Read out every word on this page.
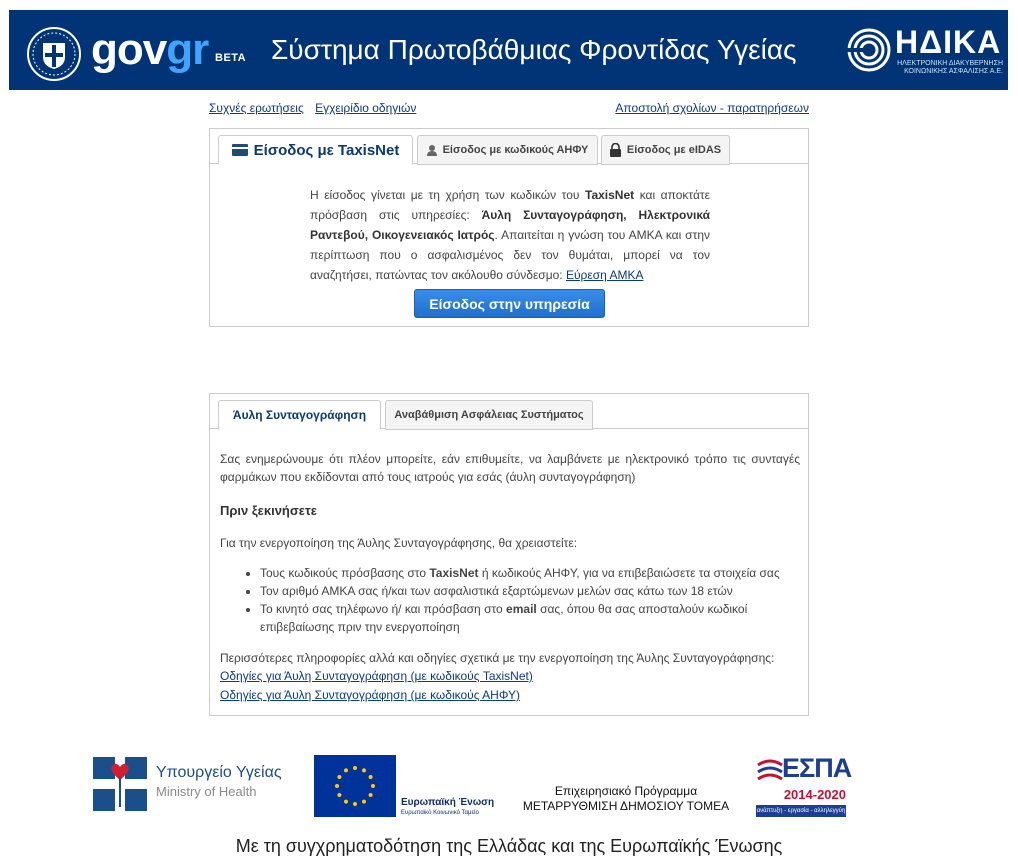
govgr BETA Σύστημα Πρωτοβάθμιας Φροντίδας Υγείας	ΗΔΙΚΑ
ΗΛΕΚΤΡΟΝΙΚΗ ΔΙΑΚΥΒΕΡΝΗΣΗ ΚΟΙΝΩΝΙΚΗΣ ΑΣΦΑΛΙΣΗΣ Α.Ε.
Συχνές ερωτήσεις Εγχειρίδιο οδηγιών	Αποστολή σχολίων - παρατηρήσεων
Είσοδος με TaxisNet	Είσοδος με κωδικούς ΑΗΦΥ	Είσοδος με eIDAS
Η είσοδος γίνεται με τη χρήση των κωδικών του TaxisNet και αποκτάτε πρόσβαση στις υπηρεσίες: Άυλη Συνταγογράφηση, Ηλεκτρονικά Ραντεβού, Οικογενειακός Ιατρός. Απαιτείται η γνώση του ΑΜΚΑ και στην περίπτωση που ο ασφαλισμένος δεν τον θυμάται, μπορεί να τον αναζητήσει, πατώντας τον ακόλουθο σύνδεσμο: Εύρεση ΑΜΚΑ
Είσοδος στην υπηρεσία
Άυλη Συνταγογράφηση	Αναβάθμιση Ασφάλειας Συστήματος

Σας ενημερώνουμε ότι πλέον μπορείτε, εάν επιθυμείτε, να λαμβάνετε με ηλεκτρονικό τρόπο τις συνταγές φαρμάκων που εκδίδονται από τους ιατρούς για εσάς (άυλη συνταγογράφηση)

Πριν ξεκινήσετε

Για την ενεργοποίηση της Άυλης Συνταγογράφησης, θα χρειαστείτε:

• Τους κωδικούς πρόσβασης στο TaxisNet ή κωδικούς ΑΗΦΥ, για να επιβεβαιώσετε τα στοιχεία σας
• Τον αριθμό ΑΜΚΑ σας ή/και των ασφαλιστικά εξαρτώμενων μελών σας κάτω των 18 ετών
• Το κινητό σας τηλέφωνο ή/ και πρόσβαση στο email σας, όπου θα σας αποσταλούν κωδικοί επιβεβαίωσης πριν την ενεργοποίηση

Περισσότερες πληροφορίες αλλά και οδηγίες σχετικά με την ενεργοποίηση της Άυλης Συνταγογράφησης:

Οδηγίες για Άυλη Συνταγογράφηση (με κωδικούς TaxisNet)
Οδηγίες για Άυλη Συνταγογράφηση (με κωδικούς ΑΗΦΥ)
Υπουργείο Υγείας
Ministry of Health
Ευρωπαϊκή Ένωση
Ευρωπαϊκό Κοινωνικό Ταμείο
Επιχειρησιακό Πρόγραμμα
ΜΕΤΑΡΡΥΘΜΙΣΗ ΔΗΜΟΣΙΟΥ ΤΟΜΕΑ
ΕΣΠΑ
2014-2020
ανάπτυξη - εργασία - αλληλεγγύη
Με τη συγχρηματοδότηση της Ελλάδας και της Ευρωπαϊκής Ένωσης
